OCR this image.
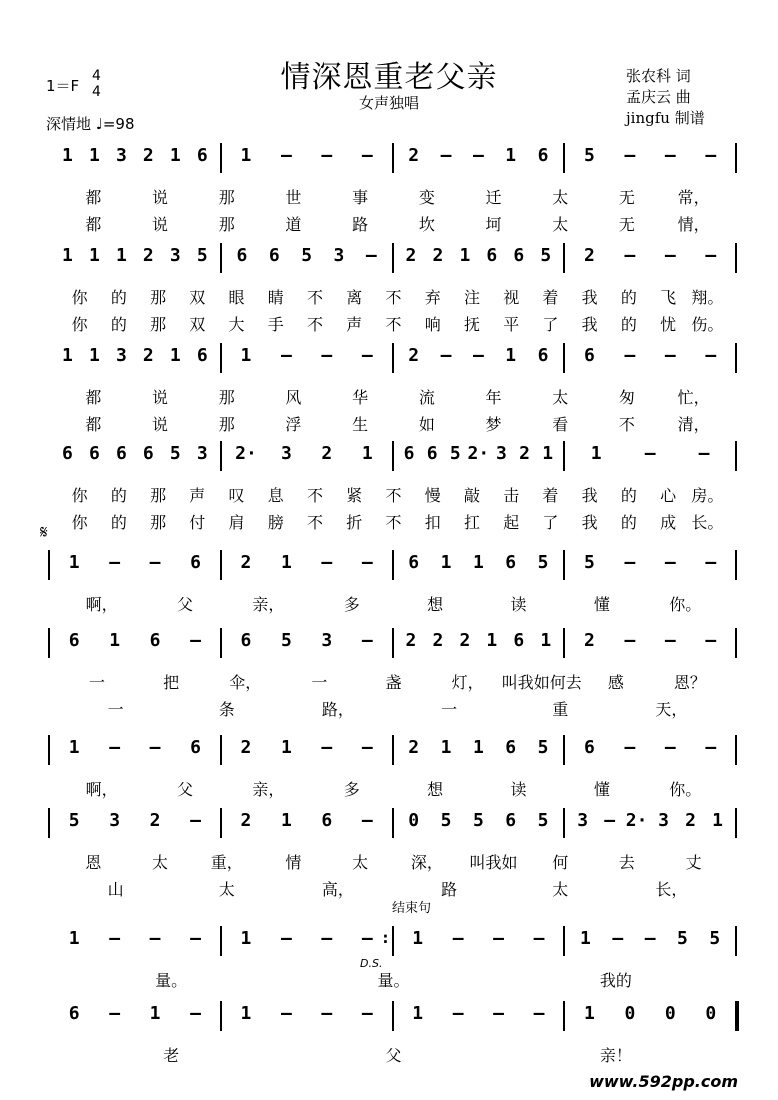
情深恩重老父亲
女声独唱
1＝F
4
4
深情地 ♩=98
张农科 词
孟庆云 曲
jingfu 制谱
𝄋
结束句
D.S.
1 1 3 2 1 6 1 – – – 2 – – 1 6 5 – – –
都	说	那	世	事	变	迁	太	无	常，
都	说	那	道	路	坎	坷	太	无	情，
1 1 1 2 3 5 6 6 5 3 – 2 2 1 6 6 5 2 – – –
你 的 那 双 眼 睛 不 离 不 弃 注 视 着 我 的 飞 翔。
你 的 那 双 大 手 不 声 不 响 抚 平 了 我 的 忧 伤。
1 1 3 2 1 6 1 – – – 2 – – 1 6 6 – – –
都	说	那	风	华	流	年	太	匆	忙，
都	说	那	浮	生	如	梦	看	不	清，
6 6 6 6 5 3 2· 3 2 1 6 6 5 2· 3 2 1 1 – –
你 的 那 声 叹 息 不 紧 不 慢 敲 击 着 我 的 心 房。
你 的 那 付 肩 膀 不 折 不 扣 扛 起 了 我 的 成 长。
1 – – 6 2 1 – – 6 1 1 6 5 5 – – –
啊，	父	亲，	多	想	读	懂	你。
6 1 6 – 6 5 3 – 2 2 2 1 6 1 2 – – –
一	把	伞，	一	盏	灯， 叫我如何去 感	恩？
一	条	路，	一	重	天，
1 – – 6 2 1 – – 2 1 1 6 5 6 – – –
啊，	父	亲，	多	想	读	懂	你。
5 3 2 – 2 1 6 – 0 5 5 6 5 3 – 2· 3 2 1
恩	太	重，	情	太	深， 叫我如 何	去	丈
山	太	高，	路	太	长，
1 – – – 1 – – – : 1 – – – 1 – – 5 5
量。	量。	我的
6 – 1 – 1 – – – 1 – – – 1 0 0 0
老	父	亲！
www.592pp.com
